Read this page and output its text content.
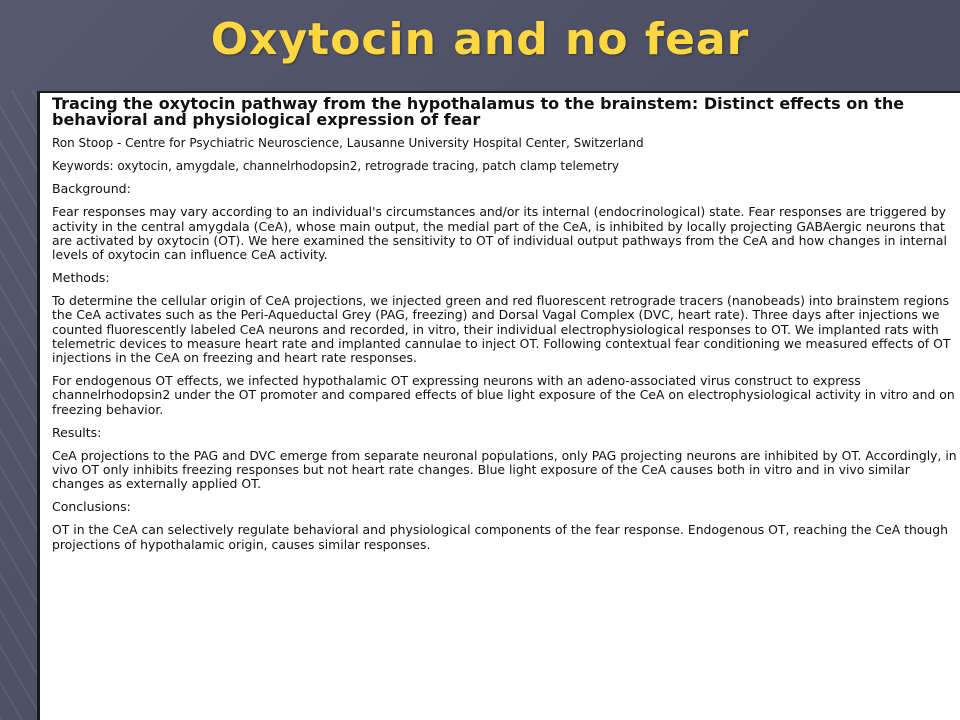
Oxytocin and no fear
Tracing the oxytocin pathway from the hypothalamus to the brainstem: Distinct effects on the behavioral and physiological expression of fear
Ron Stoop - Centre for Psychiatric Neuroscience, Lausanne University Hospital Center, Switzerland
Keywords: oxytocin, amygdale, channelrhodopsin2, retrograde tracing, patch clamp telemetry
Background:
Fear responses may vary according to an individual's circumstances and/or its internal (endocrinological) state. Fear responses are triggered by activity in the central amygdala (CeA), whose main output, the medial part of the CeA, is inhibited by locally projecting GABAergic neurons that are activated by oxytocin (OT). We here examined the sensitivity to OT of individual output pathways from the CeA and how changes in internal levels of oxytocin can influence CeA activity.
Methods:
To determine the cellular origin of CeA projections, we injected green and red fluorescent retrograde tracers (nanobeads) into brainstem regions the CeA activates such as the Peri-Aqueductal Grey (PAG, freezing) and Dorsal Vagal Complex (DVC, heart rate). Three days after injections we counted fluorescently labeled CeA neurons and recorded, in vitro, their individual electrophysiological responses to OT. We implanted rats with telemetric devices to measure heart rate and implanted cannulae to inject OT. Following contextual fear conditioning we measured effects of OT injections in the CeA on freezing and heart rate responses.
For endogenous OT effects, we infected hypothalamic OT expressing neurons with an adeno-associated virus construct to express channelrhodopsin2 under the OT promoter and compared effects of blue light exposure of the CeA on electrophysiological activity in vitro and on freezing behavior.
Results:
CeA projections to the PAG and DVC emerge from separate neuronal populations, only PAG projecting neurons are inhibited by OT. Accordingly, in vivo OT only inhibits freezing responses but not heart rate changes. Blue light exposure of the CeA causes both in vitro and in vivo similar changes as externally applied OT.
Conclusions:
OT in the CeA can selectively regulate behavioral and physiological components of the fear response. Endogenous OT, reaching the CeA though projections of hypothalamic origin, causes similar responses.
